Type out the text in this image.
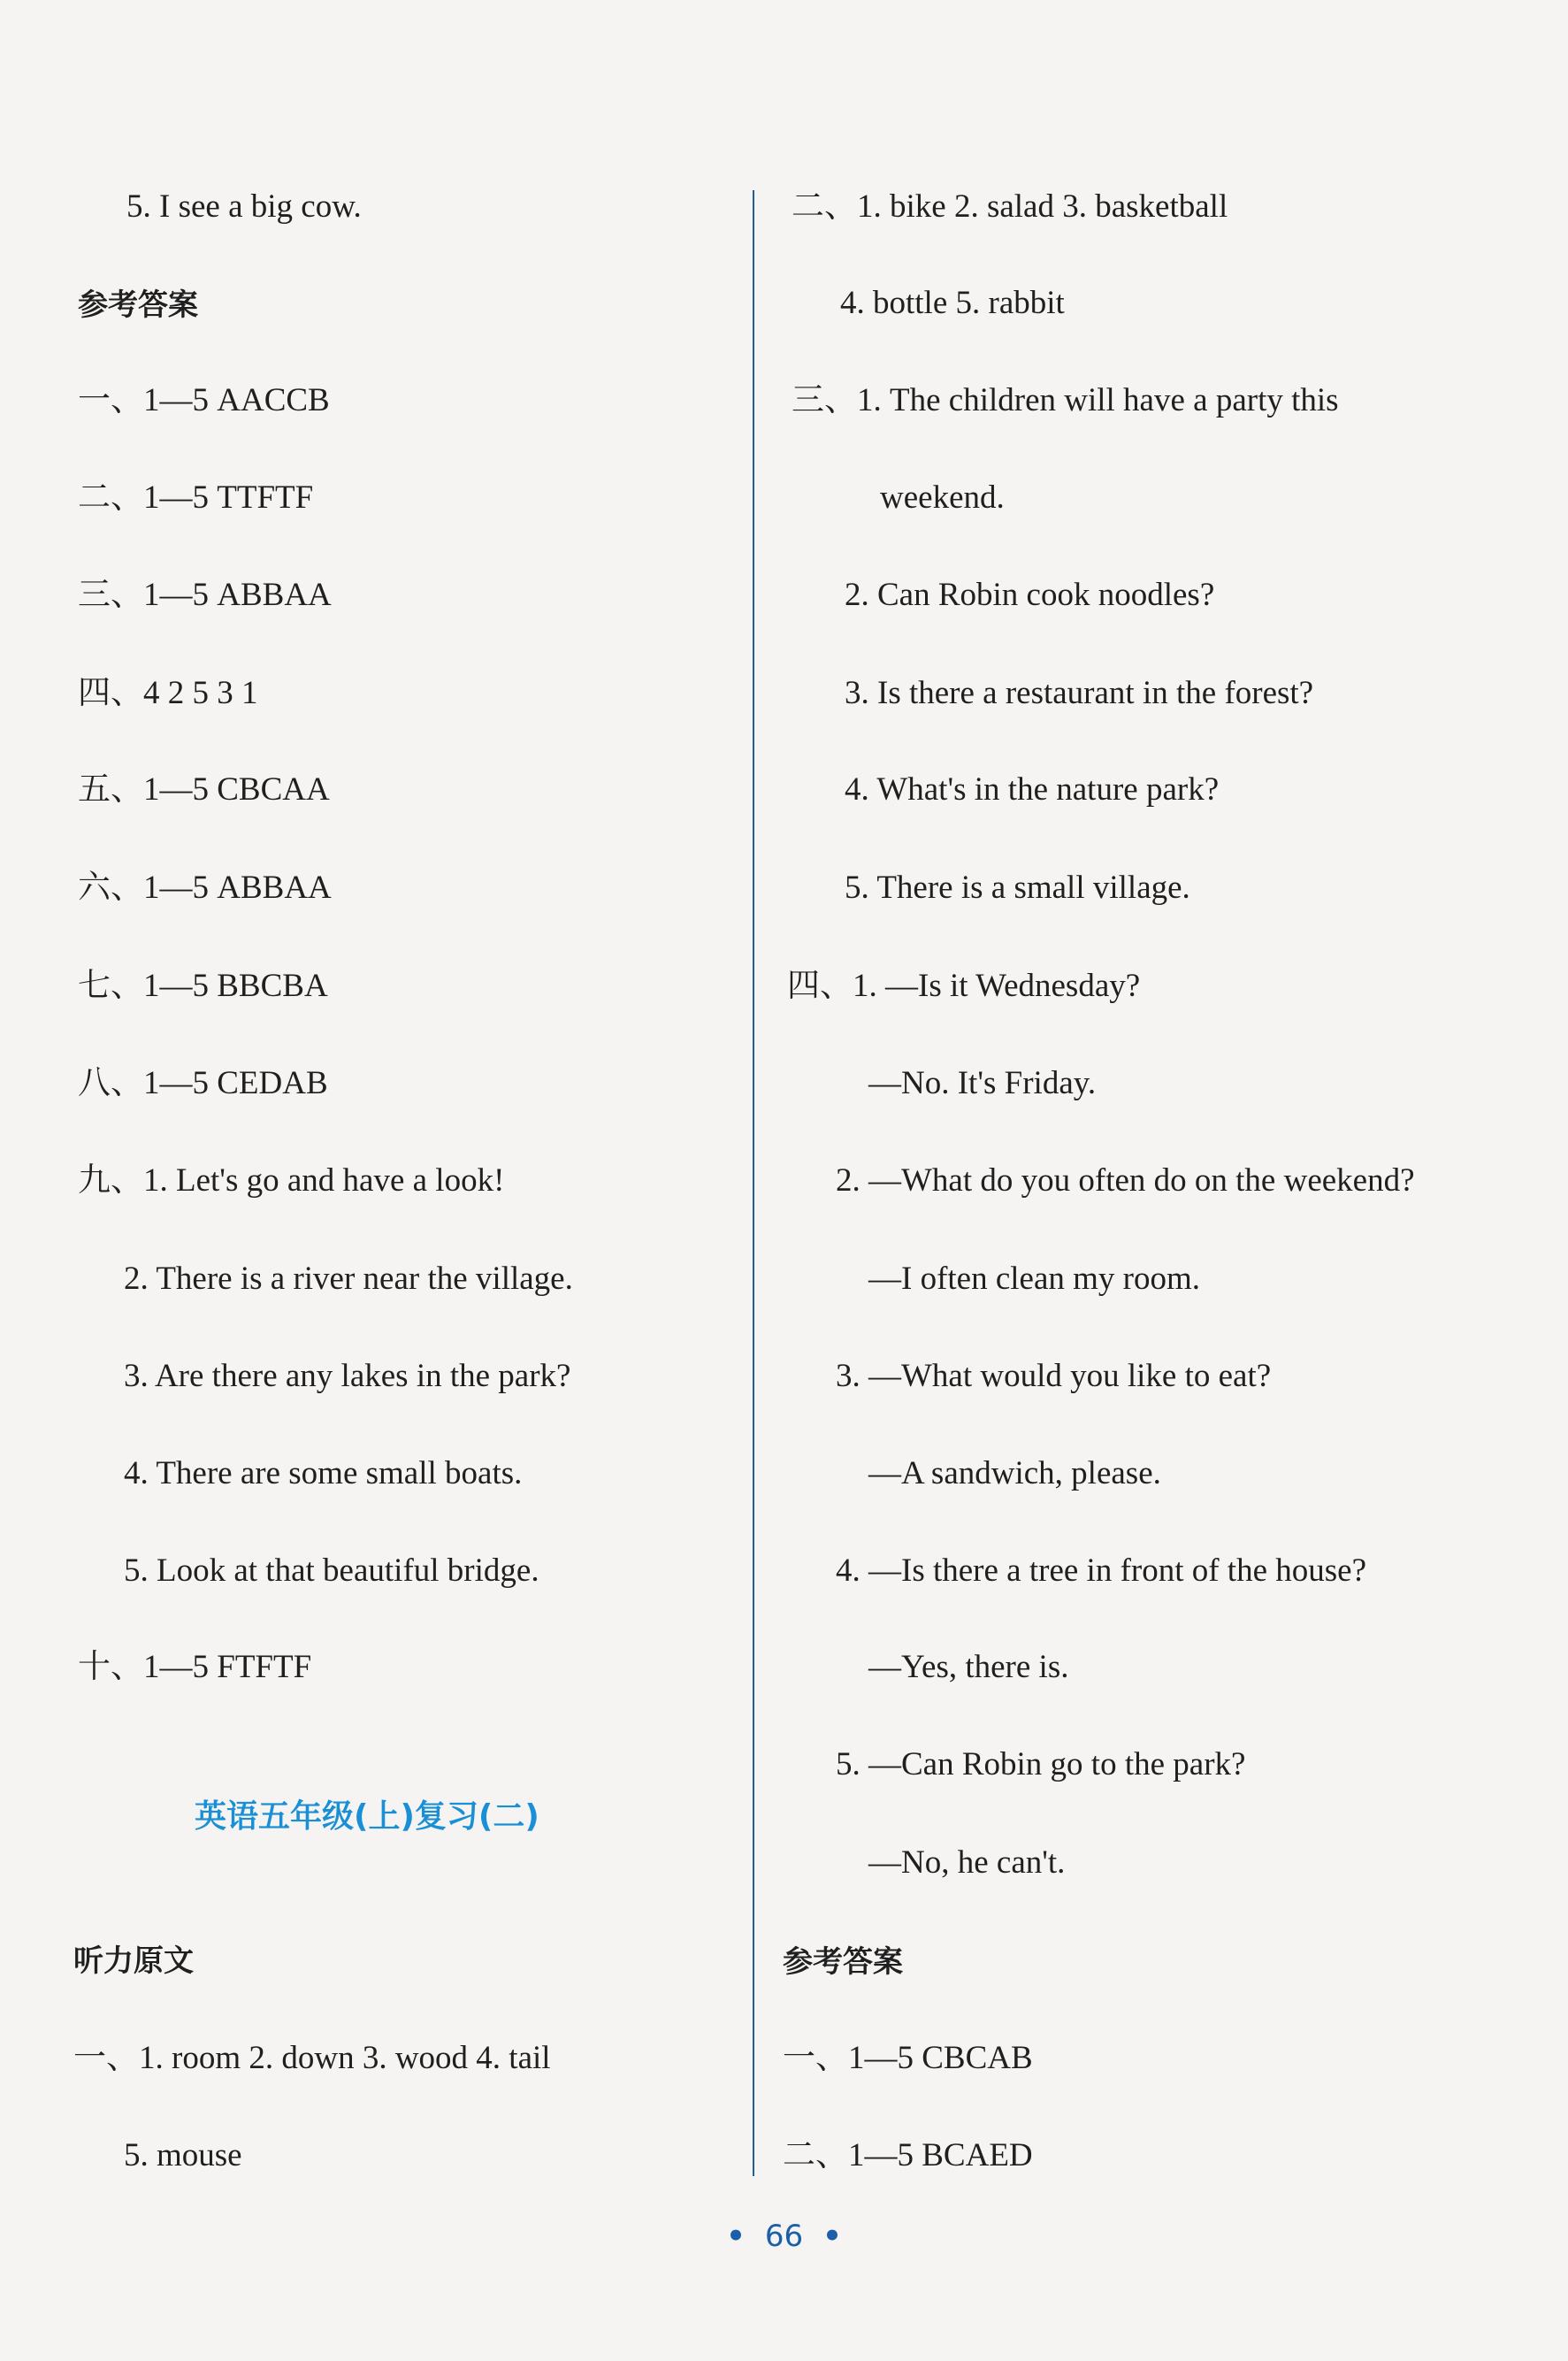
5. I see a big cow.
参考答案
一、1—5 AACCB
二、1—5 TTFTF
三、1—5 ABBAA
四、4 2 5 3 1
五、1—5 CBCAA
六、1—5 ABBAA
七、1—5 BBCBA
八、1—5 CEDAB
九、1. Let's go and have a look!
2. There is a river near the village.
3. Are there any lakes in the park?
4. There are some small boats.
5. Look at that beautiful bridge.
十、1—5 FTFTF
英语五年级(上)复习(二)
听力原文
一、1. room 2. down 3. wood 4. tail
5. mouse
二、1. bike 2. salad 3. basketball
4. bottle 5. rabbit
三、1. The children will have a party this
weekend.
2. Can Robin cook noodles?
3. Is there a restaurant in the forest?
4. What's in the nature park?
5. There is a small village.
四、1. —Is it Wednesday?
—No. It's Friday.
2. —What do you often do on the weekend?
—I often clean my room.
3. —What would you like to eat?
—A sandwich, please.
4. —Is there a tree in front of the house?
—Yes, there is.
5. —Can Robin go to the park?
—No, he can't.
参考答案
一、1—5 CBCAB
二、1—5 BCAED
• 66 •
